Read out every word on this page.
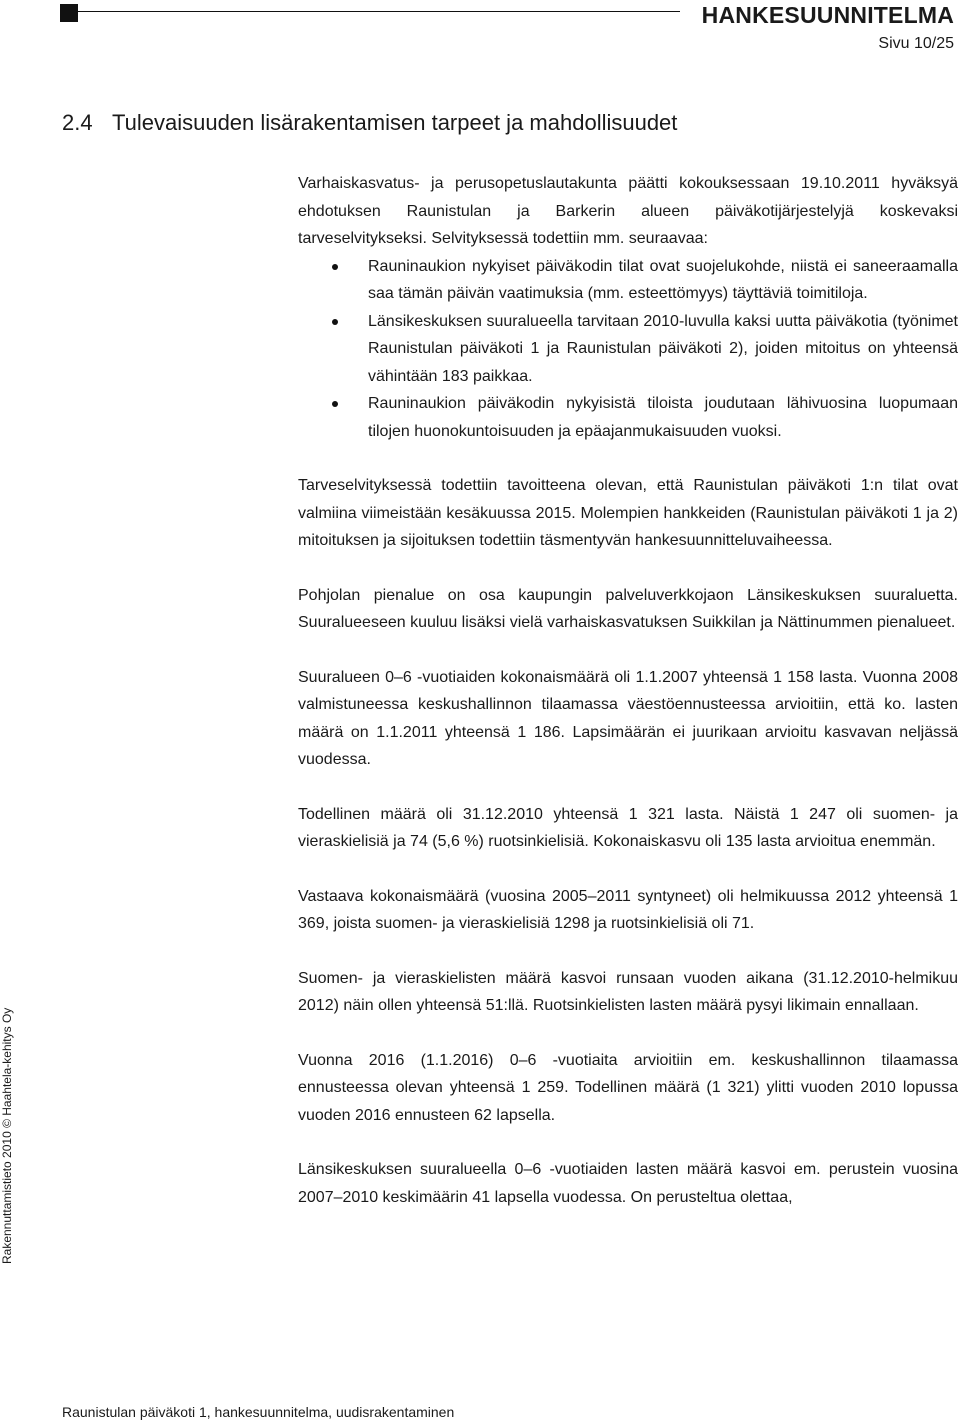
HANKESUUNNITELMA
Sivu 10/25
2.4 Tulevaisuuden lisärakentamisen tarpeet ja mahdollisuudet

Varhaiskasvatus- ja perusopetuslautakunta päätti kokouksessaan 19.10.2011 hyväksyä ehdotuksen Raunistulan ja Barkerin alueen päiväkotijärjestelyjä koskevaksi tarveselvitykseksi. Selvityksessä todettiin mm. seuraavaa:

Rauninaukion nykyiset päiväkodin tilat ovat suojelukohde, niistä ei saneeraamalla saa tämän päivän vaatimuksia (mm. esteettömyys) täyttäviä toimitiloja.
Länsikeskuksen suuralueella tarvitaan 2010-luvulla kaksi uutta päiväkotia (työnimet Raunistulan päiväkoti 1 ja Raunistulan päiväkoti 2), joiden mitoitus on yhteensä vähintään 183 paikkaa.
Rauninaukion päiväkodin nykyisistä tiloista joudutaan lähivuosina luopumaan tilojen huonokuntoisuuden ja epäajanmukaisuuden vuoksi.

Tarveselvityksessä todettiin tavoitteena olevan, että Raunistulan päiväkoti 1:n tilat ovat valmiina viimeistään kesäkuussa 2015. Molempien hankkeiden (Raunistulan päiväkoti 1 ja 2) mitoituksen ja sijoituksen todettiin täsmentyvän hankesuunnitteluvaiheessa.

Pohjolan pienalue on osa kaupungin palveluverkkojaon Länsikeskuksen suuraluetta. Suuralueeseen kuuluu lisäksi vielä varhaiskasvatuksen Suikkilan ja Nättinummen pienalueet.

Suuralueen 0‒6 -vuotiaiden kokonaismäärä oli 1.1.2007 yhteensä 1 158 lasta. Vuonna 2008 valmistuneessa keskushallinnon tilaamassa väestöennusteessa arvioitiin, että ko. lasten määrä on 1.1.2011 yhteensä 1 186. Lapsimäärän ei juurikaan arvioitu kasvavan neljässä vuodessa.

Todellinen määrä oli 31.12.2010 yhteensä 1 321 lasta. Näistä 1 247 oli suomen- ja vieraskielisiä ja 74 (5,6 %) ruotsinkielisiä. Kokonaiskasvu oli 135 lasta arvioitua enemmän.

Vastaava kokonaismäärä (vuosina 2005‒2011 syntyneet) oli helmikuussa 2012 yhteensä 1 369, joista suomen- ja vieraskielisiä 1298 ja ruotsinkielisiä oli 71.

Suomen- ja vieraskielisten määrä kasvoi runsaan vuoden aikana (31.12.2010-helmikuu 2012) näin ollen yhteensä 51:llä. Ruotsinkielisten lasten määrä pysyi likimain ennallaan.

Vuonna 2016 (1.1.2016) 0‒6 -vuotiaita arvioitiin em. keskushallinnon tilaamassa ennusteessa olevan yhteensä 1 259. Todellinen määrä (1 321) ylitti vuoden 2010 lopussa vuoden 2016 ennusteen 62 lapsella.

Länsikeskuksen suuralueella 0‒6 -vuotiaiden lasten määrä kasvoi em. perustein vuosina 2007‒2010 keskimäärin 41 lapsella vuodessa. On perusteltua olettaa,

Rakennuttamistieto 2010 © Haahtela-kehitys Oy
Raunistulan päiväkoti 1, hankesuunnitelma, uudisrakentaminen
